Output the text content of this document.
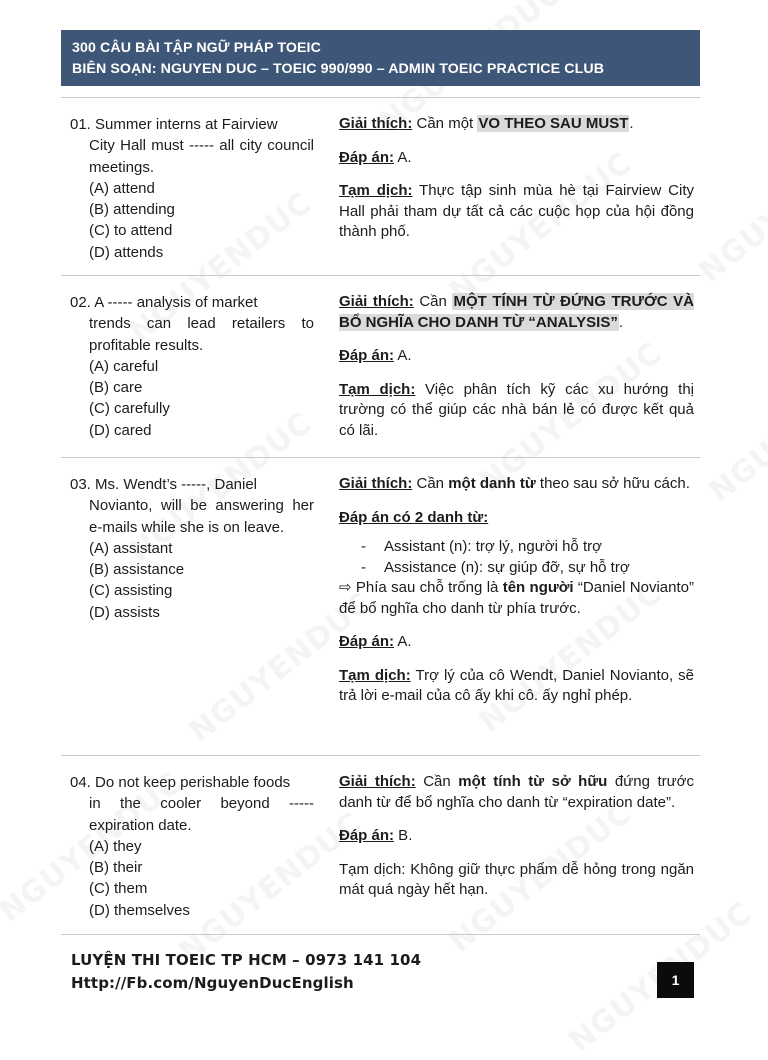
300 CÂU BÀI TẬP NGỮ PHÁP TOEIC
BIÊN SOẠN: NGUYEN DUC – TOEIC 990/990 – ADMIN TOEIC PRACTICE CLUB
01. Summer interns at Fairview
City Hall must ----- all city council meetings.
(A) attend
(B) attending
(C) to attend
(D) attends
Giải thích: Cần một VO THEO SAU MUST.
Đáp án: A.
Tạm dịch: Thực tập sinh mùa hè tại Fairview City Hall phải tham dự tất cả các cuộc họp của hội đồng thành phố.
02. A ----- analysis of market
trends can lead retailers to profitable results.
(A) careful
(B) care
(C) carefully
(D) cared
Giải thích: Cần MỘT TÍNH TỪ ĐỨNG TRƯỚC VÀ BỔ NGHĨA CHO DANH TỪ “ANALYSIS”.
Đáp án: A.
Tạm dịch: Việc phân tích kỹ các xu hướng thị trường có thể giúp các nhà bán lẻ có được kết quả có lãi.
03. Ms. Wendt’s -----, Daniel
Novianto, will be answering her e-mails while she is on leave.
(A) assistant
(B) assistance
(C) assisting
(D) assists
Giải thích: Cần một danh từ theo sau sở hữu cách.
Đáp án có 2 danh từ:
-	Assistant (n): trợ lý, người hỗ trợ
-	Assistance (n): sự giúp đỡ, sự hỗ trợ
⇨ Phía sau chỗ trống là tên người “Daniel Novianto” để bổ nghĩa cho danh từ phía trước.
Đáp án: A.
Tạm dịch: Trợ lý của cô Wendt, Daniel Novianto, sẽ trả lời e-mail của cô ấy khi cô. ấy nghỉ phép.
04. Do not keep perishable foods
in the cooler beyond ----- expiration date.
(A) they
(B) their
(C) them
(D) themselves
Giải thích: Cần một tính từ sở hữu đứng trước danh từ để bổ nghĩa cho danh từ “expiration date”.
Đáp án: B.
Tạm dịch: Không giữ thực phẩm dễ hỏng trong ngăn mát quá ngày hết hạn.
LUYỆN THI TOEIC TP HCM – 0973 141 104
Http://Fb.com/NguyenDucEnglish	1
